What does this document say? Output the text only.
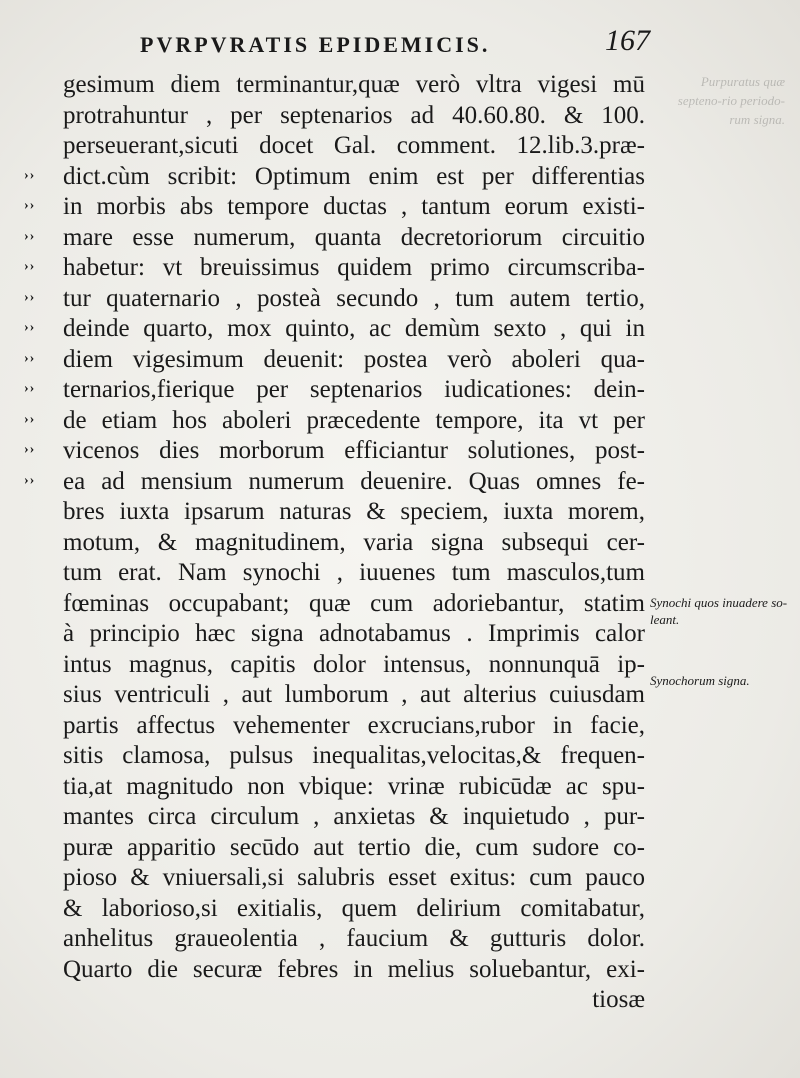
PVRPVRATIS EPIDEMICIS.	167
Purpuratus quæ septeno-rio periodo-rum signa.
gesimum diem terminantur,quæ verò vltra vigesi mū
protrahuntur , per septenarios ad 40.60.80. & 100.
perseuerant,sicuti docet Gal. comment. 12.lib.3.præ-
›› dict.cùm scribit: Optimum enim est per differentias
›› in morbis abs tempore ductas , tantum eorum existi-
›› mare esse numerum, quanta decretoriorum circuitio
›› habetur: vt breuissimus quidem primo circumscriba-
›› tur quaternario , posteà secundo , tum autem tertio,
›› deinde quarto, mox quinto, ac demùm sexto , qui in
›› diem vigesimum deuenit: postea verò aboleri qua-
›› ternarios,fierique per septenarios iudicationes: dein-
›› de etiam hos aboleri præcedente tempore, ita vt per
›› vicenos dies morborum efficiantur solutiones, post-
›› ea ad mensium numerum deuenire. Quas omnes fe-
bres iuxta ipsarum naturas & speciem, iuxta morem,
motum, & magnitudinem, varia signa subsequi cer-
tum erat. Nam synochi , iuuenes tum masculos,tum
fœminas occupabant; quæ cum adoriebantur, statim
à principio hæc signa adnotabamus . Imprimis calor
intus magnus, capitis dolor intensus, nonnunquā ip-
sius ventriculi , aut lumborum , aut alterius cuiusdam
partis affectus vehementer excrucians,rubor in facie,
sitis clamosa, pulsus inequalitas,velocitas,& frequen-
tia,at magnitudo non vbique: vrinæ rubicūdæ ac spu-
mantes circa circulum , anxietas & inquietudo , pur-
puræ apparitio secūdo aut tertio die, cum sudore co-
pioso & vniuersali,si salubris esset exitus: cum pauco
& laborioso,si exitialis, quem delirium comitabatur,
anhelitus graueolentia , faucium & gutturis dolor.
Quarto die securæ febres in melius soluebantur, exi-
tiosæ
Synochi quos inuadere so-leant.
Synochorum signa.
